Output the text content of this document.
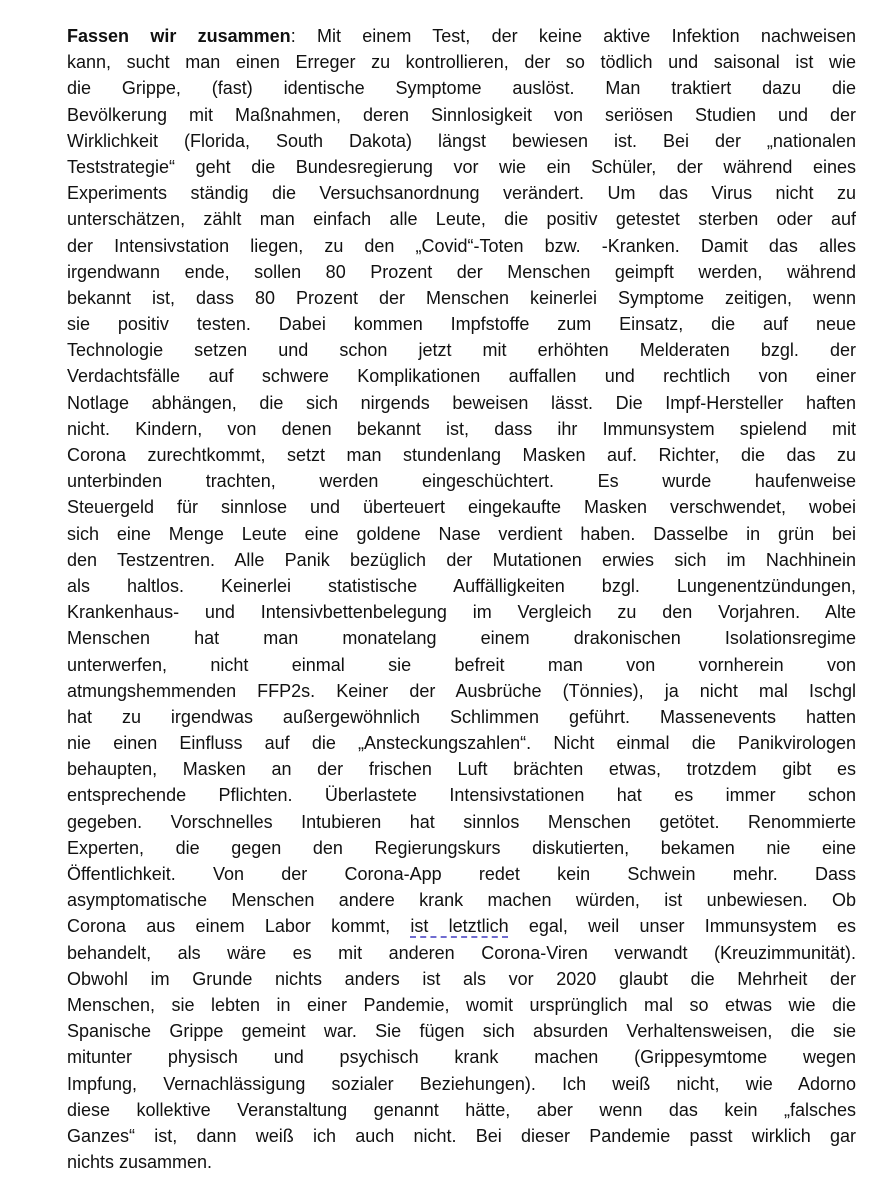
Fassen wir zusammen: Mit einem Test, der keine aktive Infektion nachweisen
kann, sucht man einen Erreger zu kontrollieren, der so tödlich und saisonal ist wie
die Grippe, (fast) identische Symptome auslöst. Man traktiert dazu die
Bevölkerung mit Maßnahmen, deren Sinnlosigkeit von seriösen Studien und der
Wirklichkeit (Florida, South Dakota) längst bewiesen ist. Bei der „nationalen
Teststrategie“ geht die Bundesregierung vor wie ein Schüler, der während eines
Experiments ständig die Versuchsanordnung verändert. Um das Virus nicht zu
unterschätzen, zählt man einfach alle Leute, die positiv getestet sterben oder auf
der Intensivstation liegen, zu den „Covid“-Toten bzw. -Kranken. Damit das alles
irgendwann ende, sollen 80 Prozent der Menschen geimpft werden, während
bekannt ist, dass 80 Prozent der Menschen keinerlei Symptome zeitigen, wenn
sie positiv testen. Dabei kommen Impfstoffe zum Einsatz, die auf neue
Technologie setzen und schon jetzt mit erhöhten Melderaten bzgl. der
Verdachtsfälle auf schwere Komplikationen auffallen und rechtlich von einer
Notlage abhängen, die sich nirgends beweisen lässt. Die Impf-Hersteller haften
nicht. Kindern, von denen bekannt ist, dass ihr Immunsystem spielend mit
Corona zurechtkommt, setzt man stundenlang Masken auf. Richter, die das zu
unterbinden trachten, werden eingeschüchtert. Es wurde haufenweise
Steuergeld für sinnlose und überteuert eingekaufte Masken verschwendet, wobei
sich eine Menge Leute eine goldene Nase verdient haben. Dasselbe in grün bei
den Testzentren. Alle Panik bezüglich der Mutationen erwies sich im Nachhinein
als haltlos. Keinerlei statistische Auffälligkeiten bzgl. Lungenentzündungen,
Krankenhaus- und Intensivbettenbelegung im Vergleich zu den Vorjahren. Alte
Menschen hat man monatelang einem drakonischen Isolationsregime
unterwerfen, nicht einmal sie befreit man von vornherein von
atmungshemmenden FFP2s. Keiner der Ausbrüche (Tönnies), ja nicht mal Ischgl
hat zu irgendwas außergewöhnlich Schlimmen geführt. Massenevents hatten
nie einen Einfluss auf die „Ansteckungszahlen“. Nicht einmal die Panikvirologen
behaupten, Masken an der frischen Luft brächten etwas, trotzdem gibt es
entsprechende Pflichten. Überlastete Intensivstationen hat es immer schon
gegeben. Vorschnelles Intubieren hat sinnlos Menschen getötet. Renommierte
Experten, die gegen den Regierungskurs diskutierten, bekamen nie eine
Öffentlichkeit. Von der Corona-App redet kein Schwein mehr. Dass
asymptomatische Menschen andere krank machen würden, ist unbewiesen. Ob
Corona aus einem Labor kommt, ist letztlich egal, weil unser Immunsystem es
behandelt, als wäre es mit anderen Corona-Viren verwandt (Kreuzimmunität).
Obwohl im Grunde nichts anders ist als vor 2020 glaubt die Mehrheit der
Menschen, sie lebten in einer Pandemie, womit ursprünglich mal so etwas wie die
Spanische Grippe gemeint war. Sie fügen sich absurden Verhaltensweisen, die sie
mitunter physisch und psychisch krank machen (Grippesymtome wegen
Impfung, Vernachlässigung sozialer Beziehungen). Ich weiß nicht, wie Adorno
diese kollektive Veranstaltung genannt hätte, aber wenn das kein „falsches
Ganzes“ ist, dann weiß ich auch nicht. Bei dieser Pandemie passt wirklich gar
nichts zusammen.
